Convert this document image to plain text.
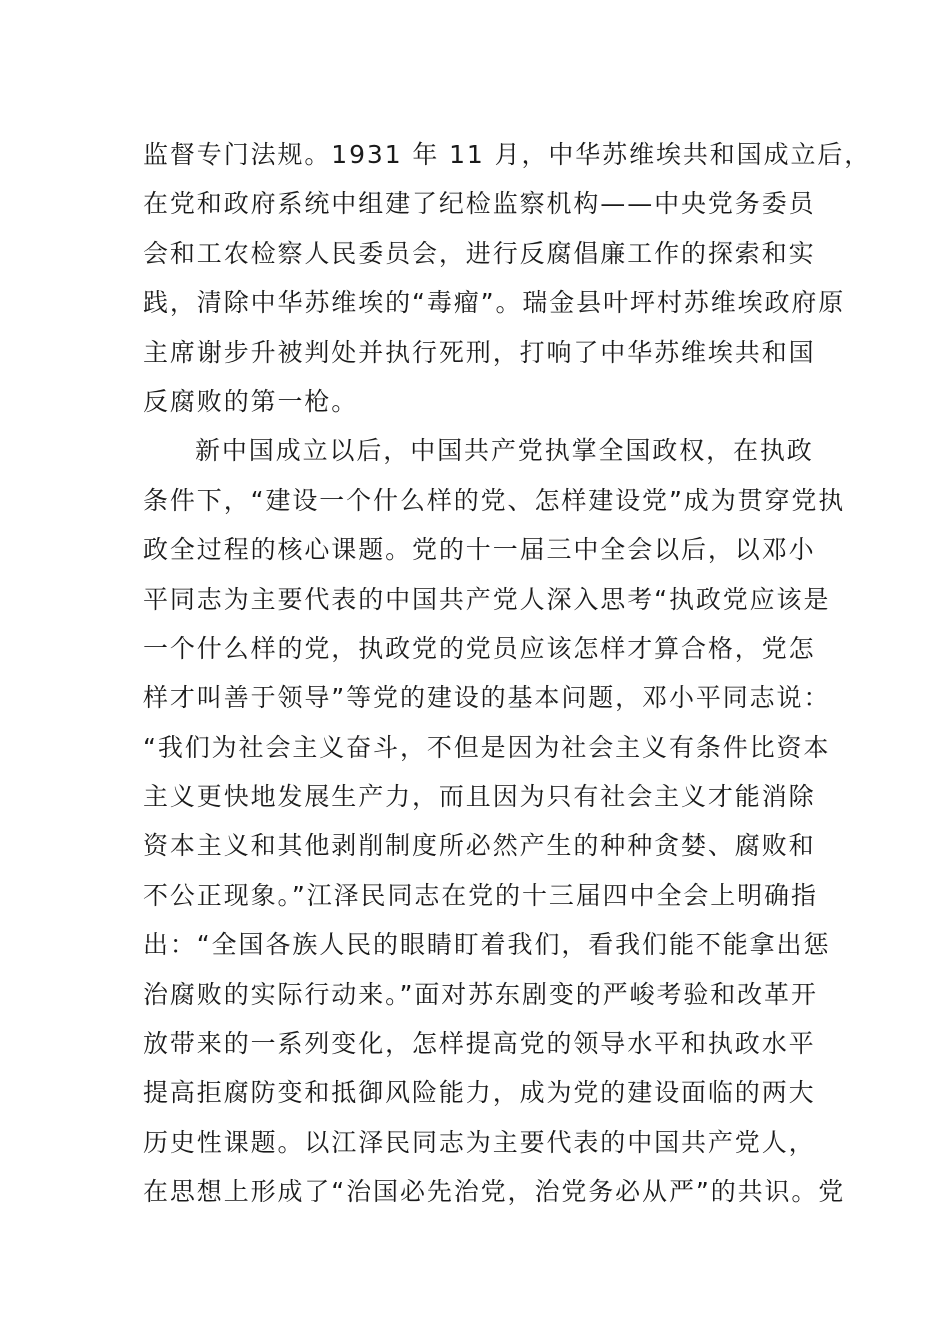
监督专门法规。1931 年 11 月，中华苏维埃共和国成立后，
在党和政府系统中组建了纪检监察机构——中央党务委员
会和工农检察人民委员会，进行反腐倡廉工作的探索和实
践，清除中华苏维埃的“毒瘤”。瑞金县叶坪村苏维埃政府原
主席谢步升被判处并执行死刑，打响了中华苏维埃共和国
反腐败的第一枪。
新中国成立以后，中国共产党执掌全国政权，在执政
条件下，“建设一个什么样的党、怎样建设党”成为贯穿党执
政全过程的核心课题。党的十一届三中全会以后，以邓小
平同志为主要代表的中国共产党人深入思考“执政党应该是
一个什么样的党，执政党的党员应该怎样才算合格，党怎
样才叫善于领导”等党的建设的基本问题，邓小平同志说：
“我们为社会主义奋斗，不但是因为社会主义有条件比资本
主义更快地发展生产力，而且因为只有社会主义才能消除
资本主义和其他剥削制度所必然产生的种种贪婪、腐败和
不公正现象。”江泽民同志在党的十三届四中全会上明确指
出：“全国各族人民的眼睛盯着我们，看我们能不能拿出惩
治腐败的实际行动来。”面对苏东剧变的严峻考验和改革开
放带来的一系列变化，怎样提高党的领导水平和执政水平
提高拒腐防变和抵御风险能力，成为党的建设面临的两大
历史性课题。以江泽民同志为主要代表的中国共产党人，
在思想上形成了“治国必先治党，治党务必从严”的共识。党
